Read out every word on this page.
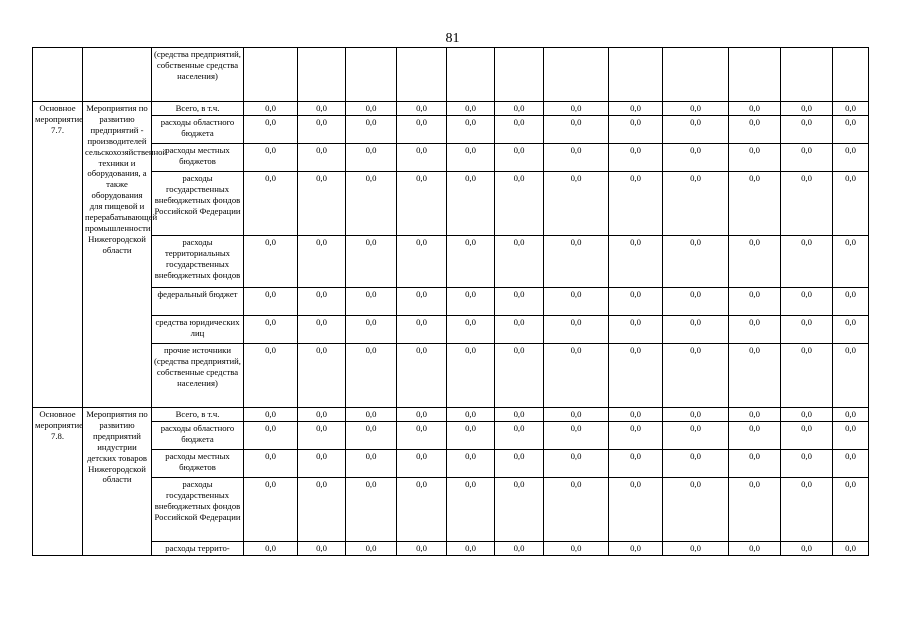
81
		(средства предприятий, собственные средства населения)												
Основное мероприятие 7.7.	Мероприятия по развитию предприятий - производителей сельскохозяйственной техники и оборудования, а также оборудования для пищевой и перерабатывающей промышленности Нижегородской области	Всего, в т.ч.	0,0	0,0	0,0	0,0	0,0	0,0	0,0	0,0	0,0	0,0	0,0	0,0
		расходы областного бюджета	0,0	0,0	0,0	0,0	0,0	0,0	0,0	0,0	0,0	0,0	0,0	0,0
		расходы местных бюджетов	0,0	0,0	0,0	0,0	0,0	0,0	0,0	0,0	0,0	0,0	0,0	0,0
		расходы государственных внебюджетных фондов Российской Федерации	0,0	0,0	0,0	0,0	0,0	0,0	0,0	0,0	0,0	0,0	0,0	0,0
		расходы территориальных государственных внебюджетных фондов	0,0	0,0	0,0	0,0	0,0	0,0	0,0	0,0	0,0	0,0	0,0	0,0
		федеральный бюджет	0,0	0,0	0,0	0,0	0,0	0,0	0,0	0,0	0,0	0,0	0,0	0,0
		средства юридических лиц	0,0	0,0	0,0	0,0	0,0	0,0	0,0	0,0	0,0	0,0	0,0	0,0
		прочие источники (средства предприятий, собственные средства населения)	0,0	0,0	0,0	0,0	0,0	0,0	0,0	0,0	0,0	0,0	0,0	0,0
Основное мероприятие 7.8.	Мероприятия по развитию предприятий индустрии детских товаров Нижегородской области	Всего, в т.ч.	0,0	0,0	0,0	0,0	0,0	0,0	0,0	0,0	0,0	0,0	0,0	0,0
		расходы областного бюджета	0,0	0,0	0,0	0,0	0,0	0,0	0,0	0,0	0,0	0,0	0,0	0,0
		расходы местных бюджетов	0,0	0,0	0,0	0,0	0,0	0,0	0,0	0,0	0,0	0,0	0,0	0,0
		расходы государственных внебюджетных фондов Российской Федерации	0,0	0,0	0,0	0,0	0,0	0,0	0,0	0,0	0,0	0,0	0,0	0,0
		расходы террито-	0,0	0,0	0,0	0,0	0,0	0,0	0,0	0,0	0,0	0,0	0,0	0,0
